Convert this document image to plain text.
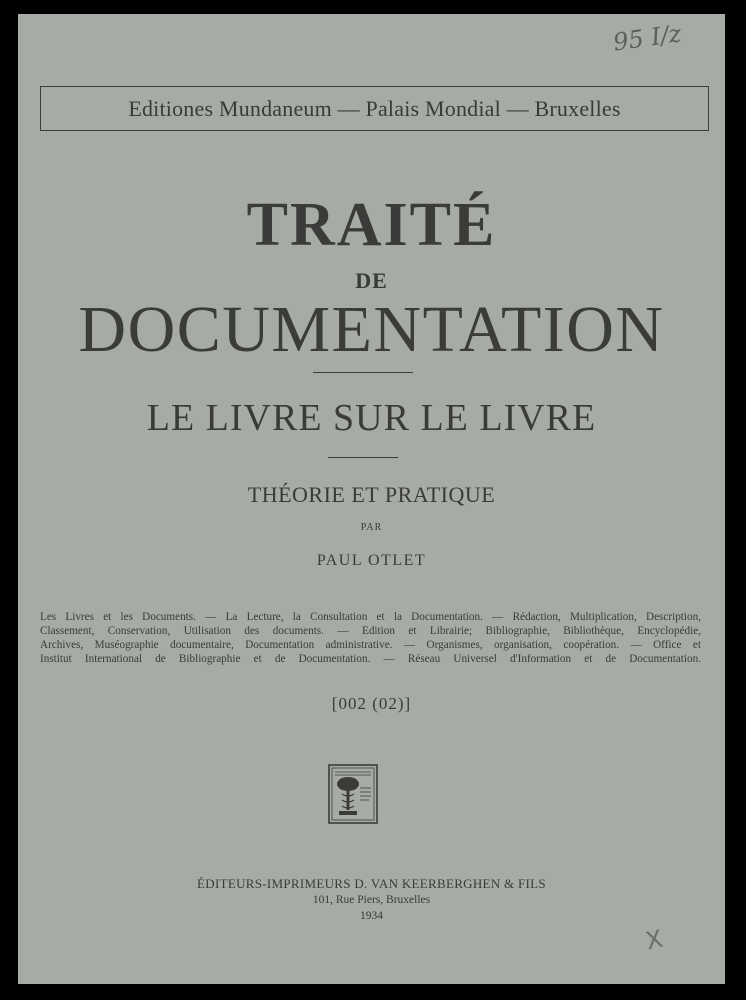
95 I/z
Editiones Mundaneum — Palais Mondial — Bruxelles
TRAITÉ
DE
DOCUMENTATION
LE LIVRE SUR LE LIVRE
THÉORIE ET PRATIQUE
PAR
PAUL OTLET
Les Livres et les Documents. — La Lecture, la Consultation et la Documentation. — Rédaction, Multiplication, Description,
Classement, Conservation, Utilisation des documents. — Edition et Librairie; Bibliographie, Bibliothèque, Encyclopédie,
Archives, Muséographie documentaire, Documentation administrative. — Organismes, organisation, coopération. — Office et
Institut International de Bibliographie et de Documentation. — Réseau Universel d'Information et de Documentation.
[002 (02)]
ÉDITEURS-IMPRIMEURS D. VAN KEERBERGHEN & FILS
101, Rue Piers, Bruxelles
1934
X
